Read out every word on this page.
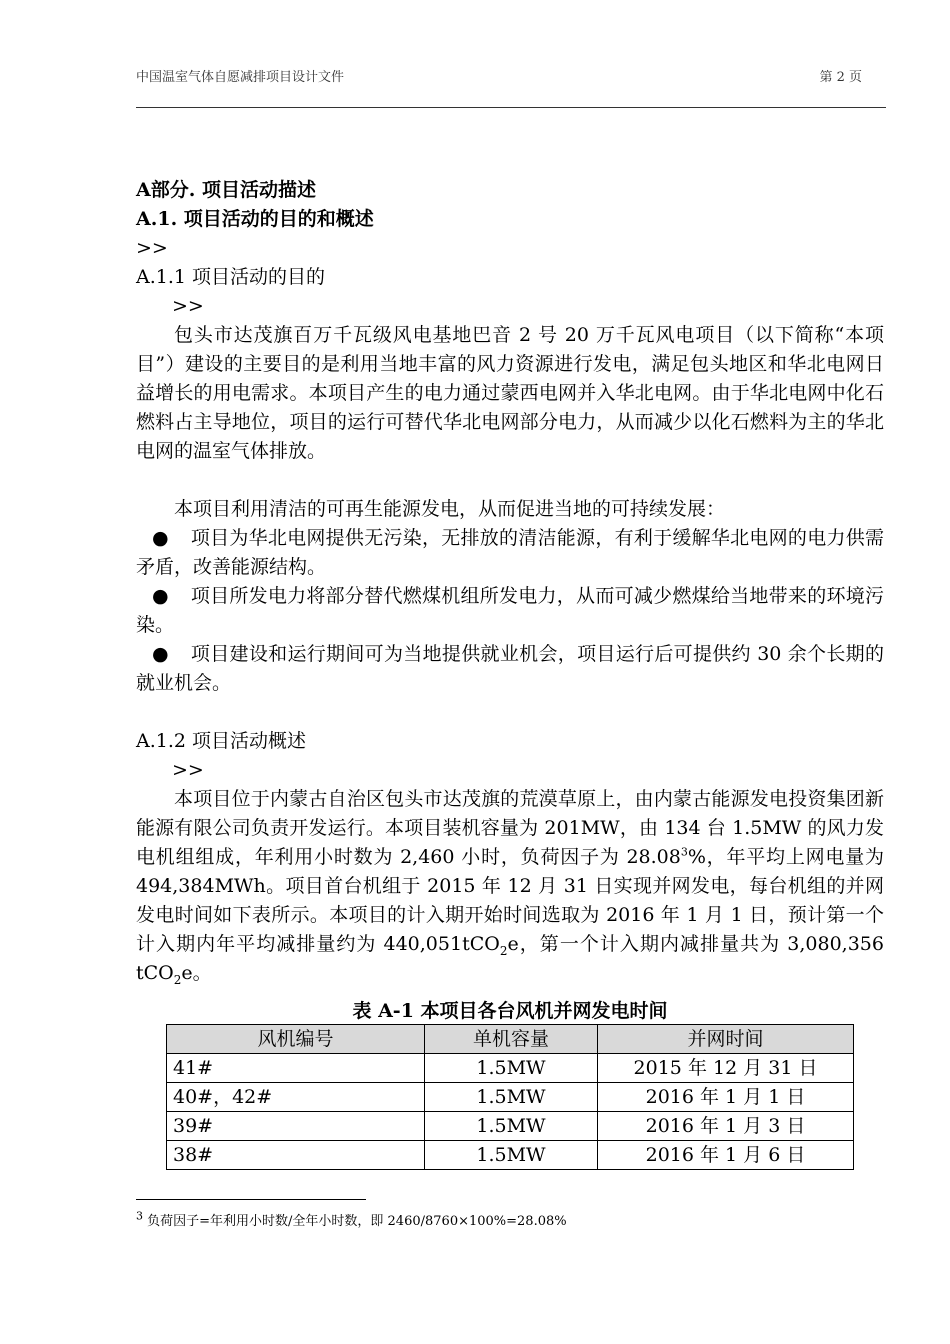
中国温室气体自愿减排项目设计文件	第 2 页

A部分. 项目活动描述

A.1. 项目活动的目的和概述

>>

A.1.1 项目活动的目的

>>

包头市达茂旗百万千瓦级风电基地巴音 2 号 20 万千瓦风电项目（以下简称“本项目”）建设的主要目的是利用当地丰富的风力资源进行发电，满足包头地区和华北电网日益增长的用电需求。本项目产生的电力通过蒙西电网并入华北电网。由于华北电网中化石燃料占主导地位，项目的运行可替代华北电网部分电力，从而减少以化石燃料为主的华北电网的温室气体排放。

本项目利用清洁的可再生能源发电，从而促进当地的可持续发展：

● 项目为华北电网提供无污染，无排放的清洁能源，有利于缓解华北电网的电力供需矛盾，改善能源结构。

● 项目所发电力将部分替代燃煤机组所发电力，从而可减少燃煤给当地带来的环境污染。

● 项目建设和运行期间可为当地提供就业机会，项目运行后可提供约 30 余个长期的就业机会。

A.1.2 项目活动概述

>>

本项目位于内蒙古自治区包头市达茂旗的荒漠草原上，由内蒙古能源发电投资集团新能源有限公司负责开发运行。本项目装机容量为 201MW，由 134 台 1.5MW 的风力发电机组组成，年利用小时数为 2,460 小时，负荷因子为 28.08$^3$%，年平均上网电量为 494,384MWh。项目首台机组于 2015 年 12 月 31 日实现并网发电，每台机组的并网发电时间如下表所示。本项目的计入期开始时间选取为 2016 年 1 月 1 日，预计第一个计入期内年平均减排量约为 440,051tCO$_2$e，第一个计入期内减排量共为 3,080,356 tCO$_2$e。

表 A-1 本项目各台风机并网发电时间
风机编号	单机容量	并网时间
41#	1.5MW	2015 年 12 月 31 日
40#，42#	1.5MW	2016 年 1 月 1 日
39#	1.5MW	2016 年 1 月 3 日
38#	1.5MW	2016 年 1 月 6 日
$^3$ 负荷因子=年利用小时数/全年小时数，即 2460/8760×100%=28.08%
